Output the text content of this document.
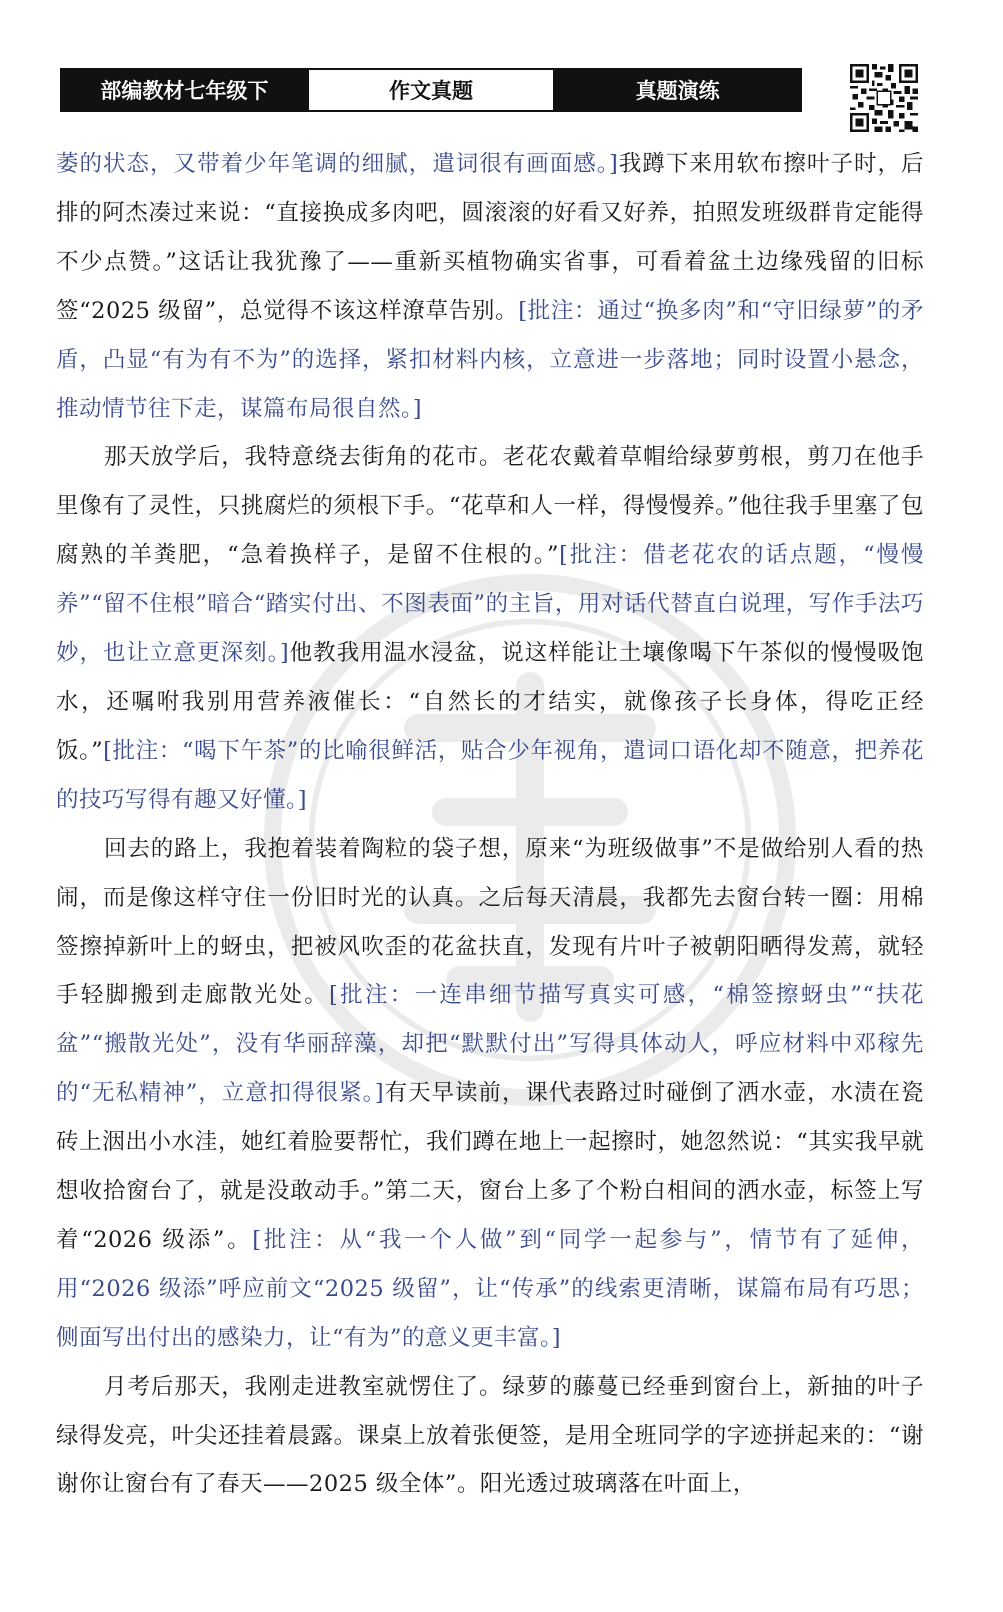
部编教材七年级下	作文真题	真题演练

萎的状态，又带着少年笔调的细腻，遣词很有画面感。]我蹲下来用软布擦叶子时，后排的阿杰凑过来说：“直接换成多肉吧，圆滚滚的好看又好养，拍照发班级群肯定能得不少点赞。”这话让我犹豫了——重新买植物确实省事，可看着盆土边缘残留的旧标签“2025 级留”，总觉得不该这样潦草告别。[批注：通过“换多肉”和“守旧绿萝”的矛盾，凸显“有为有不为”的选择，紧扣材料内核，立意进一步落地；同时设置小悬念，推动情节往下走，谋篇布局很自然。]

那天放学后，我特意绕去街角的花市。老花农戴着草帽给绿萝剪根，剪刀在他手里像有了灵性，只挑腐烂的须根下手。“花草和人一样，得慢慢养。”他往我手里塞了包腐熟的羊粪肥，“急着换样子，是留不住根的。”[批注：借老花农的话点题，“慢慢养”“留不住根”暗合“踏实付出、不图表面”的主旨，用对话代替直白说理，写作手法巧妙，也让立意更深刻。]他教我用温水浸盆，说这样能让土壤像喝下午茶似的慢慢吸饱水，还嘱咐我别用营养液催长：“自然长的才结实，就像孩子长身体，得吃正经饭。”[批注：“喝下午茶”的比喻很鲜活，贴合少年视角，遣词口语化却不随意，把养花的技巧写得有趣又好懂。]

回去的路上，我抱着装着陶粒的袋子想，原来“为班级做事”不是做给别人看的热闹，而是像这样守住一份旧时光的认真。之后每天清晨，我都先去窗台转一圈：用棉签擦掉新叶上的蚜虫，把被风吹歪的花盆扶直，发现有片叶子被朝阳晒得发蔫，就轻手轻脚搬到走廊散光处。[批注：一连串细节描写真实可感，“棉签擦蚜虫”“扶花盆”“搬散光处”，没有华丽辞藻，却把“默默付出”写得具体动人，呼应材料中邓稼先的“无私精神”，立意扣得很紧。]有天早读前，课代表路过时碰倒了洒水壶，水渍在瓷砖上洇出小水洼，她红着脸要帮忙，我们蹲在地上一起擦时，她忽然说：“其实我早就想收拾窗台了，就是没敢动手。”第二天，窗台上多了个粉白相间的洒水壶，标签上写着“2026 级添”。[批注：从“我一个人做”到“同学一起参与”，情节有了延伸，用“2026 级添”呼应前文“2025 级留”，让“传承”的线索更清晰，谋篇布局有巧思；侧面写出付出的感染力，让“有为”的意义更丰富。]

月考后那天，我刚走进教室就愣住了。绿萝的藤蔓已经垂到窗台上，新抽的叶子绿得发亮，叶尖还挂着晨露。课桌上放着张便签，是用全班同学的字迹拼起来的：“谢谢你让窗台有了春天——2025 级全体”。阳光透过玻璃落在叶面上，
